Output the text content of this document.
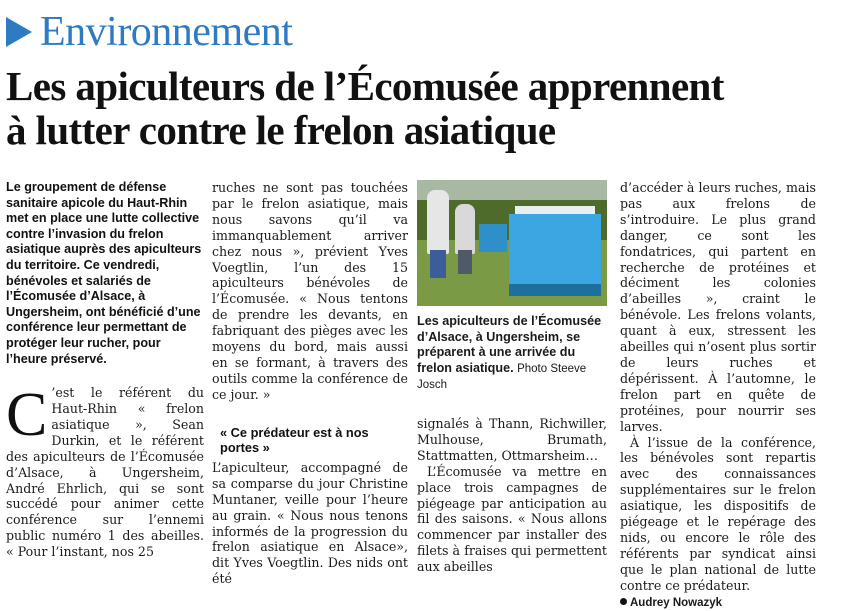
Environnement
Les apiculteurs de l’Écomusée apprennent
à lutter contre le frelon asiatique

Le groupement de défense sanitaire apicole du Haut-Rhin met en place une lutte collective contre l’invasion du frelon asiatique auprès des apiculteurs du territoire. Ce vendredi, bénévoles et salariés de l’Écomusée d’Alsace, à Ungersheim, ont bénéficié d’une conférence leur permettant de protéger leur rucher, pour l’heure préservé.

C ’est le référent du Haut-Rhin « frelon asiatique », Sean Durkin, et le référent des apiculteurs de l’Écomusée d’Alsace, à Ungersheim, André Ehrlich, qui se sont succédé pour animer cette conférence sur l’ennemi public numéro 1 des abeilles. « Pour l’instant, nos 25

ruches ne sont pas touchées par le frelon asiatique, mais nous savons qu’il va immanquablement arriver chez nous », prévient Yves Voegtlin, l’un des 15 apiculteurs bénévoles de l’Écomusée. « Nous tentons de prendre les devants, en fabriquant des pièges avec les moyens du bord, mais aussi en se formant, à travers des outils comme la conférence de ce jour. »

« Ce prédateur est à nos portes »

L’apiculteur, accompagné de sa comparse du jour Christine Muntaner, veille pour l’heure au grain. « Nous nous tenons informés de la progression du frelon asiatique en Alsace», dit Yves Voegtlin. Des nids ont été

Les apiculteurs de l’Écomusée d’Alsace, à Ungersheim, se préparent à une arrivée du frelon asiatique. Photo Steeve Josch

signalés à Thann, Richwiller, Mulhouse, Brumath, Stattmatten, Ottmarsheim…

L’Écomusée va mettre en place trois campagnes de piégeage par anticipation au fil des saisons. « Nous allons commencer par installer des filets à fraises qui permettent aux abeilles

d’accéder à leurs ruches, mais pas aux frelons de s’introduire. Le plus grand danger, ce sont les fondatrices, qui partent en recherche de protéines et déciment les colonies d’abeilles », craint le bénévole. Les frelons volants, quant à eux, stressent les abeilles qui n’osent plus sortir de leurs ruches et dépérissent. À l’automne, le frelon part en quête de protéines, pour nourrir ses larves.

À l’issue de la conférence, les bénévoles sont repartis avec des connaissances supplémentaires sur le frelon asiatique, les dispositifs de piégeage et le repérage des nids, ou encore le rôle des référents par syndicat ainsi que le plan national de lutte contre ce prédateur.

Audrey Nowazyk
